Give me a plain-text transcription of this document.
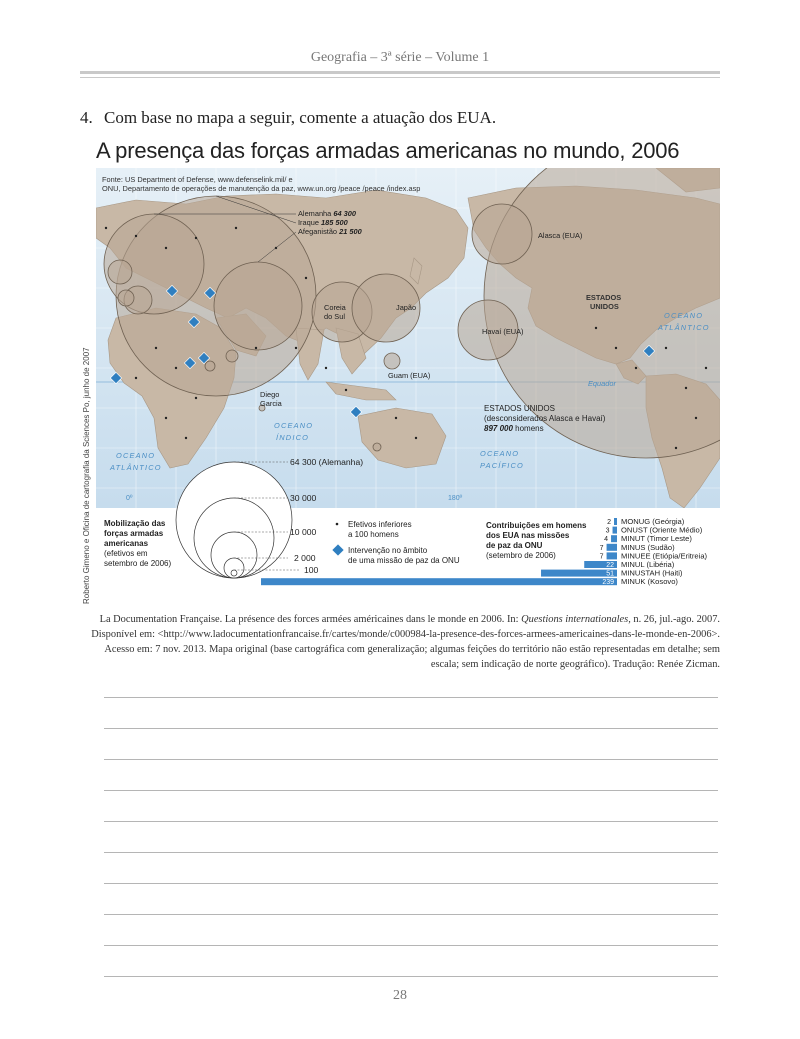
Geografia – 3ª série – Volume 1
4. Com base no mapa a seguir, comente a atuação dos EUA.
A presença das forças armadas americanas no mundo, 2006
Fonte: US Department of Defense, www.defenselink.mil/ e
ONU, Departamento de operações de manutenção da paz, www.un.org /peace /peace /index.asp
Alemanha 64 300
Iraque 185 500
Afeganistão 21 500
Coreia
do Sul
Japão
Alasca (EUA)
ESTADOS
UNIDOS
Havaí (EUA)
Guam (EUA)
Diego
Garcia
OCEANO
ÍNDICO
OCEANO
ATLÂNTICO
OCEANO
PACÍFICO
OCEANO
ATLÂNTICO
Equador
0º	180º
ESTADOS UNIDOS
(desconsiderados Alasca e Havaí)
897 000 homens
64 300 (Alemanha)
30 000
10 000
2 000
100
Mobilização das
forças armadas
americanas
(efetivos em
setembro de 2006)
Efetivos inferiores
a 100 homens
Intervenção no âmbito
de uma missão de paz da ONU
Contribuições em homens
dos EUA nas missões
de paz da ONU
(setembro de 2006)
2 MONUG (Geórgia)
3 ONUST (Oriente Médio)
4 MINUT (Timor Leste)
7 MINUS (Sudão)
7 MINUEE (Etiópia/Eritreia)
22 MINUL (Libéria)
51 MINUSTAH (Haiti)
239 MINUK (Kosovo)
Roberto Gimeno e Oficina de cartografia da Sciences Po, junho de 2007
La Documentation Française. La présence des forces armées américaines dans le monde en 2006. In: Questions internationales, n. 26, jul.-ago. 2007. Disponível em: <http://www.ladocumentationfrancaise.fr/cartes/monde/c000984-la-presence-des-forces-armees-americaines-dans-le-monde-en-2006>. Acesso em: 7 nov. 2013. Mapa original (base cartográfica com generalização; algumas feições do território não estão representadas em detalhe; sem escala; sem indicação de norte geográfico). Tradução: Renée Zicman.
28
